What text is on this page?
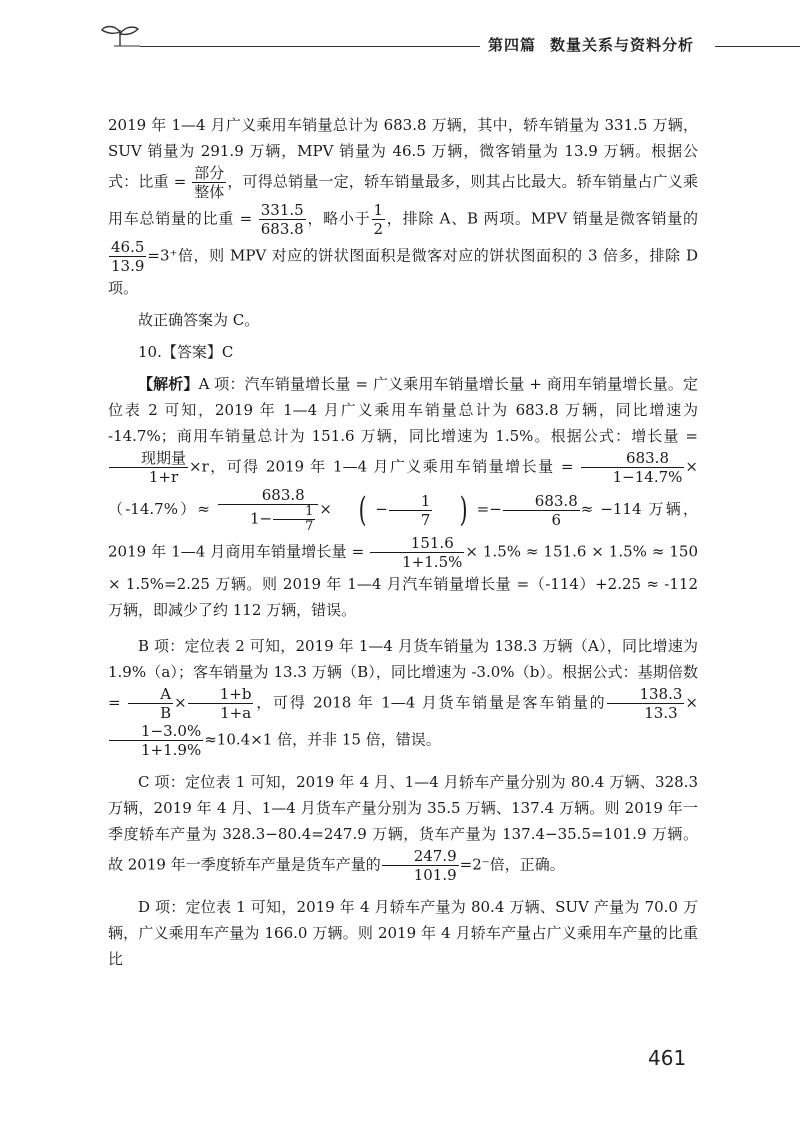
第四篇 数量关系与资料分析

2019 年 1—4 月广义乘用车销量总计为 683.8 万辆，其中，轿车销量为 331.5 万辆，SUV 销量为 291.9 万辆，MPV 销量为 46.5 万辆，微客销量为 13.9 万辆。根据公式：比重 = $\frac{\text{部分}}{\text{整体}}$ ，可得总销量一定，轿车销量最多，则其占比最大。轿车销量占广义乘用车总销量的比重 = $\frac{331.5}{683.8}$ ，略小于 $\frac{1}{2}$ ，排除 A、B 两项。MPV 销量是微客销量的
$\frac{46.5}{13.9} =3^+$倍，则 MPV 对应的饼状图面积是微客对应的饼状图面积的 3 倍多，排除 D 项。

故正确答案为 C。

10.【答案】C

【解析】A 项：汽车销量增长量 = 广义乘用车销量增长量 + 商用车销量增长量。定位表 2 可知，2019 年 1—4 月广义乘用车销量总计为 683.8 万辆，同比增速为 -14.7%；商用车销量总计为 151.6 万辆，同比增速为 1.5%。根据公式：增长量 =
$\frac{\text{现期量}}{1+r} \times r$，可得 2019 年 1—4 月广义乘用车销量增长量 = $\frac{683.8}{1-14.7\%} \times(-14.7\%)\approx \frac{683.8}{1- \frac{1}{7}}$ × ( − $\frac{1}{7}$ ) =− $\frac{683.8}{6} \approx -114$ 万辆，2019 年 1—4 月商用车销量增长量 = $\frac{151.6}{1+1.5\%} \times 1.5\% \approx 151.6 \times 1.5\% \approx 150 \times 1.5\%=2.25$ 万辆。则 2019 年 1—4 月汽车销量增长量 =（-114）+2.25 ≈ -112 万辆，即减少了约 112 万辆，错误。

B 项：定位表 2 可知，2019 年 1—4 月货车销量为 138.3 万辆（A），同比增速为 1.9%（a）；客车销量为 13.3 万辆（B），同比增速为 -3.0%（b）。根据公式：基期倍数 = $\frac{A}{B} \times \frac{1+b}{1+a}$ ，可得 2018 年 1—4 月货车销量是客车销量的 $\frac{138.3}{13.3}$ ×
$\frac{1-3.0\%}{1+1.9\%} \approx 10.4\times 1$ 倍，并非 15 倍，错误。

C 项：定位表 1 可知，2019 年 4 月、1—4 月轿车产量分别为 80.4 万辆、328.3 万辆，2019 年 4 月、1—4 月货车产量分别为 35.5 万辆、137.4 万辆。则 2019 年一季度轿车产量为 328.3−80.4=247.9 万辆，货车产量为 137.4−35.5=101.9 万辆。故 2019 年一季度轿车产量是货车产量的 $\frac{247.9}{101.9} =2^-$倍，正确。

D 项：定位表 1 可知，2019 年 4 月轿车产量为 80.4 万辆、SUV 产量为 70.0 万辆，广义乘用车产量为 166.0 万辆。则 2019 年 4 月轿车产量占广义乘用车产量的比重比

461
